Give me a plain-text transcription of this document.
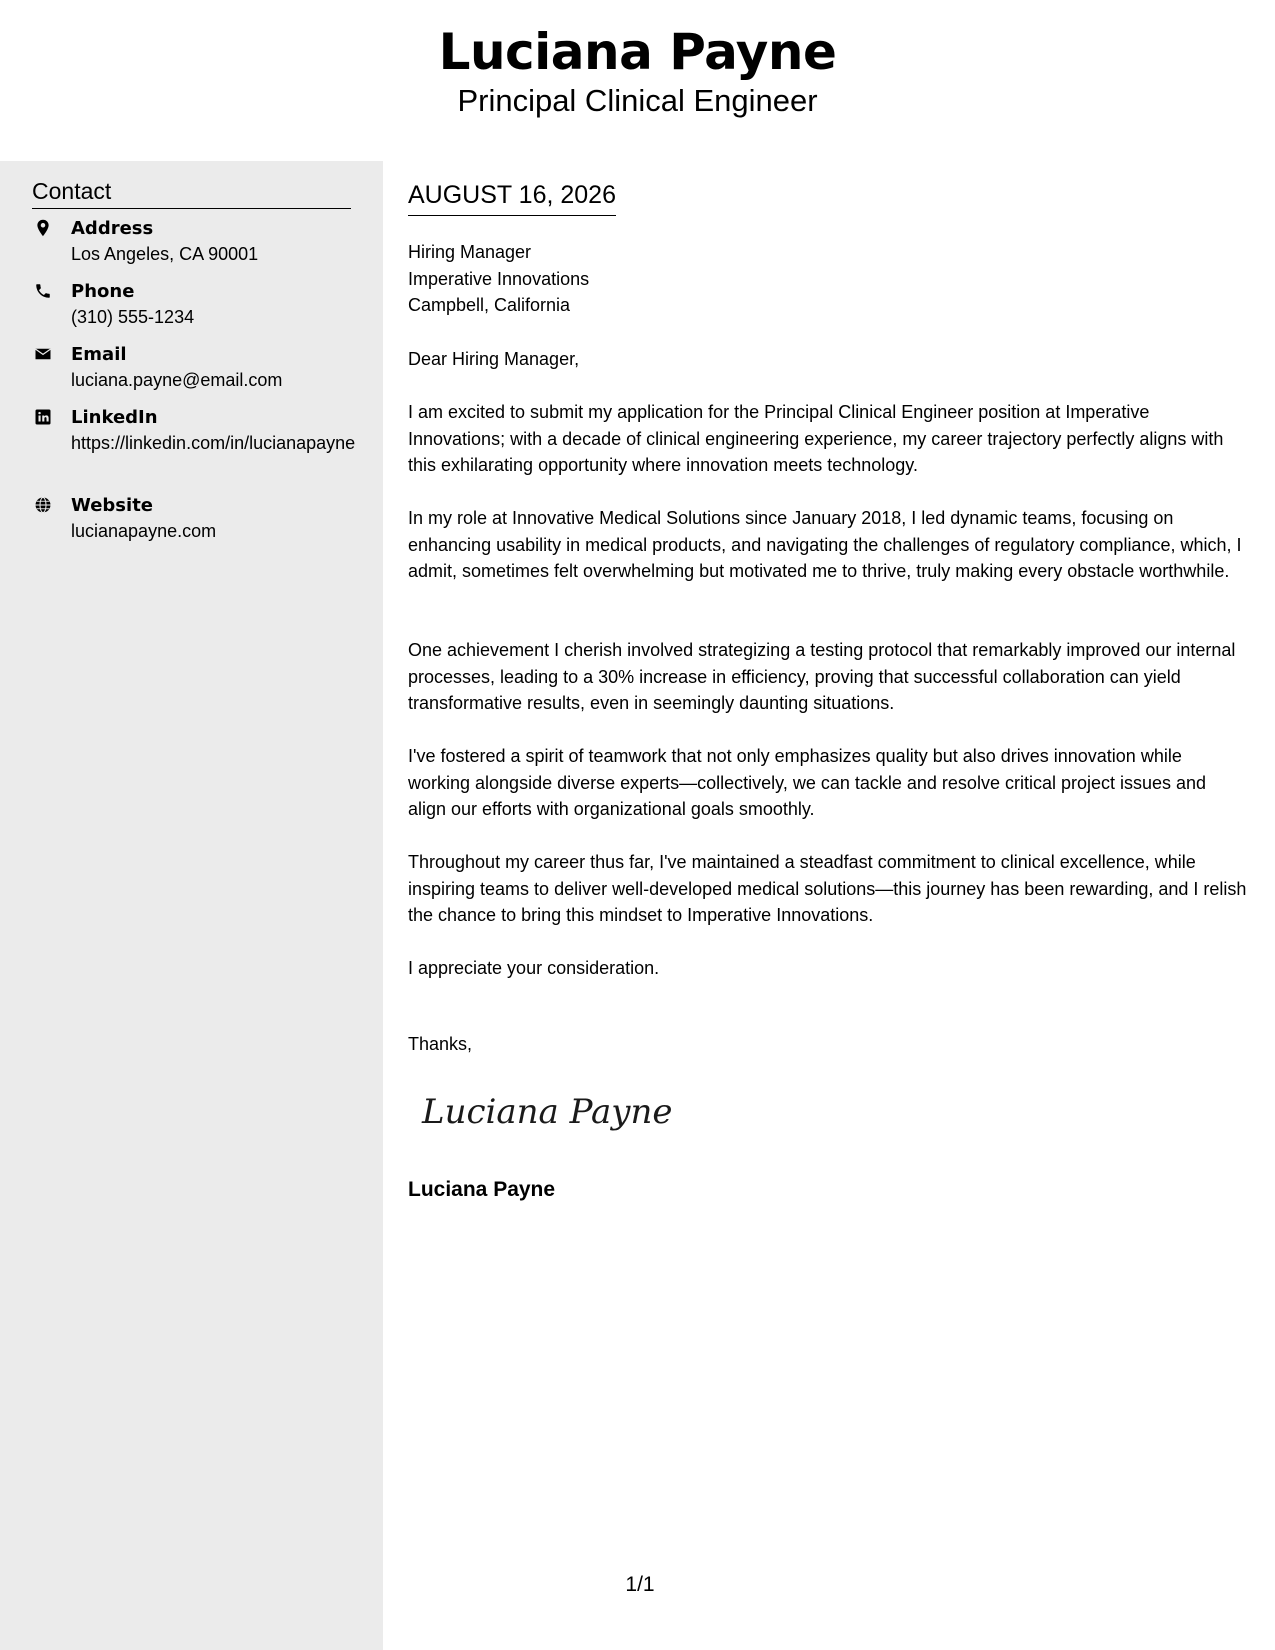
Luciana Payne
Principal Clinical Engineer
Contact
Address
Los Angeles, CA 90001
Phone
(310) 555-1234
Email
luciana.payne@email.com
LinkedIn
https://linkedin.com/in/lucianapayne
Website
lucianapayne.com
AUGUST 16, 2026
Hiring Manager
Imperative Innovations
Campbell, California
Dear Hiring Manager,
I am excited to submit my application for the Principal Clinical Engineer position at Imperative Innovations; with a decade of clinical engineering experience, my career trajectory perfectly aligns with this exhilarating opportunity where innovation meets technology.
In my role at Innovative Medical Solutions since January 2018, I led dynamic teams, focusing on enhancing usability in medical products, and navigating the challenges of regulatory compliance, which, I admit, sometimes felt overwhelming but motivated me to thrive, truly making every obstacle worthwhile.
One achievement I cherish involved strategizing a testing protocol that remarkably improved our internal processes, leading to a 30% increase in efficiency, proving that successful collaboration can yield transformative results, even in seemingly daunting situations.
I've fostered a spirit of teamwork that not only emphasizes quality but also drives innovation while working alongside diverse experts—collectively, we can tackle and resolve critical project issues and align our efforts with organizational goals smoothly.
Throughout my career thus far, I've maintained a steadfast commitment to clinical excellence, while inspiring teams to deliver well-developed medical solutions—this journey has been rewarding, and I relish the chance to bring this mindset to Imperative Innovations.
I appreciate your consideration.
Thanks,
Luciana Payne
Luciana Payne
1/1
